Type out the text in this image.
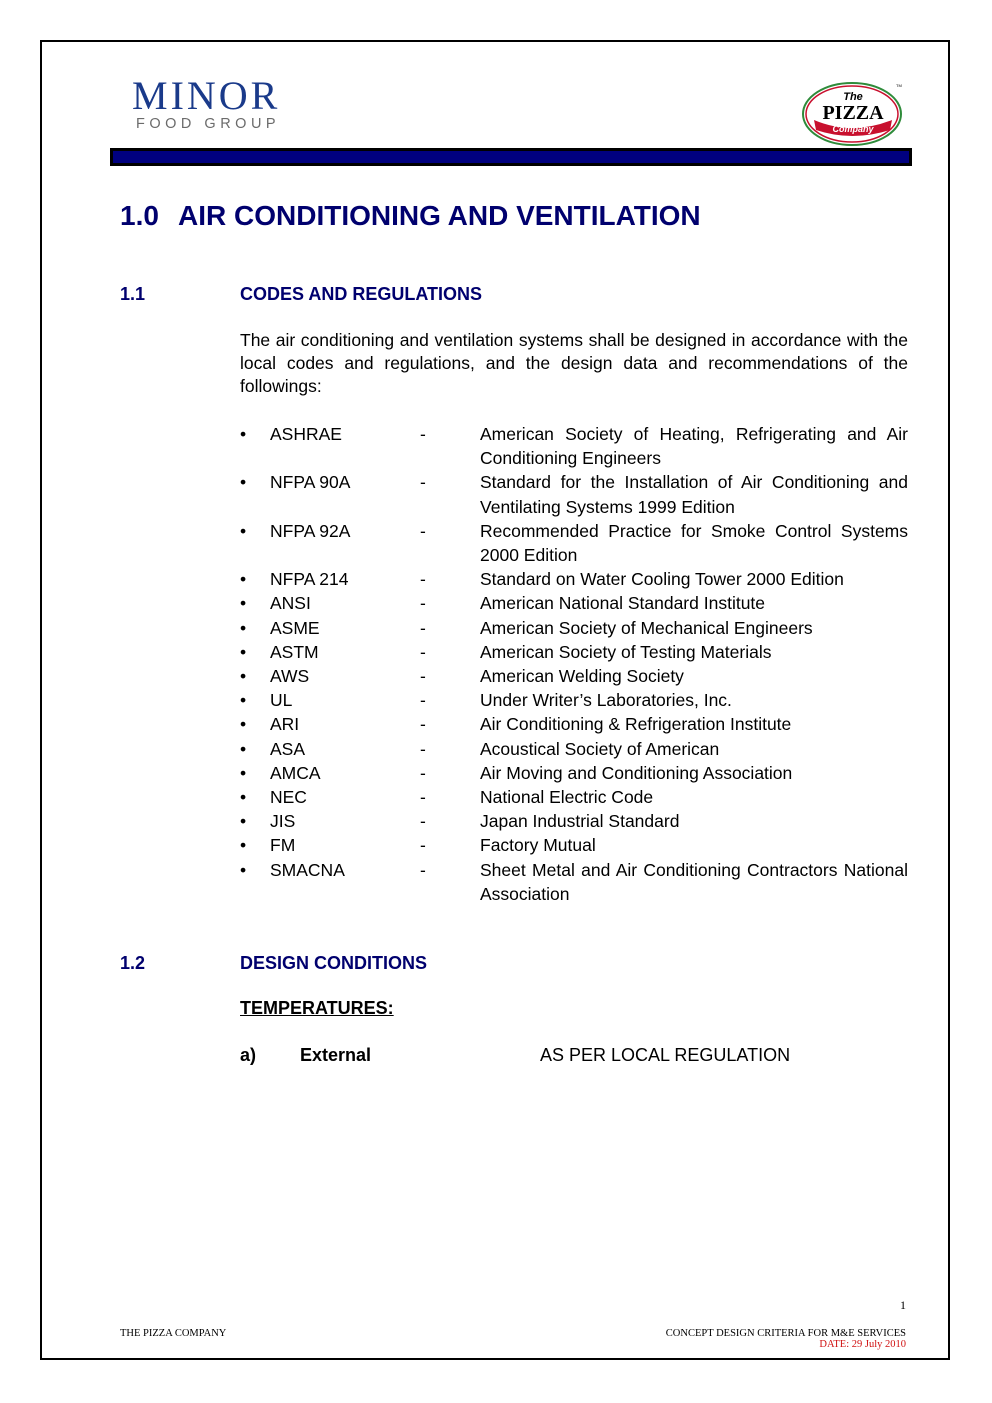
MINOR
FOOD GROUP
The
PIZZA
Company
TM
1.0 AIR CONDITIONING AND VENTILATION
1.1	CODES AND REGULATIONS
The air conditioning and ventilation systems shall be designed in accordance with the local codes and regulations, and the design data and recommendations of the followings:
•	ASHRAE	-	American Society of Heating, Refrigerating and Air Conditioning Engineers
•	NFPA 90A	-	Standard for the Installation of Air Conditioning and Ventilating Systems 1999 Edition
•	NFPA 92A	-	Recommended Practice for Smoke Control Systems 2000 Edition
•	NFPA 214	-	Standard on Water Cooling Tower 2000 Edition
•	ANSI	-	American National Standard Institute
•	ASME	-	American Society of Mechanical Engineers
•	ASTM	-	American Society of Testing Materials
•	AWS	-	American Welding Society
•	UL	-	Under Writer’s Laboratories, Inc.
•	ARI	-	Air Conditioning & Refrigeration Institute
•	ASA	-	Acoustical Society of American
•	AMCA	-	Air Moving and Conditioning Association
•	NEC	-	National Electric Code
•	JIS	-	Japan Industrial Standard
•	FM	-	Factory Mutual
•	SMACNA	-	Sheet Metal and Air Conditioning Contractors National Association
1.2	DESIGN CONDITIONS
TEMPERATURES:
a) External	AS PER LOCAL REGULATION
1
THE PIZZA COMPANY	CONCEPT DESIGN CRITERIA FOR M&E SERVICES
DATE: 29 July 2010
